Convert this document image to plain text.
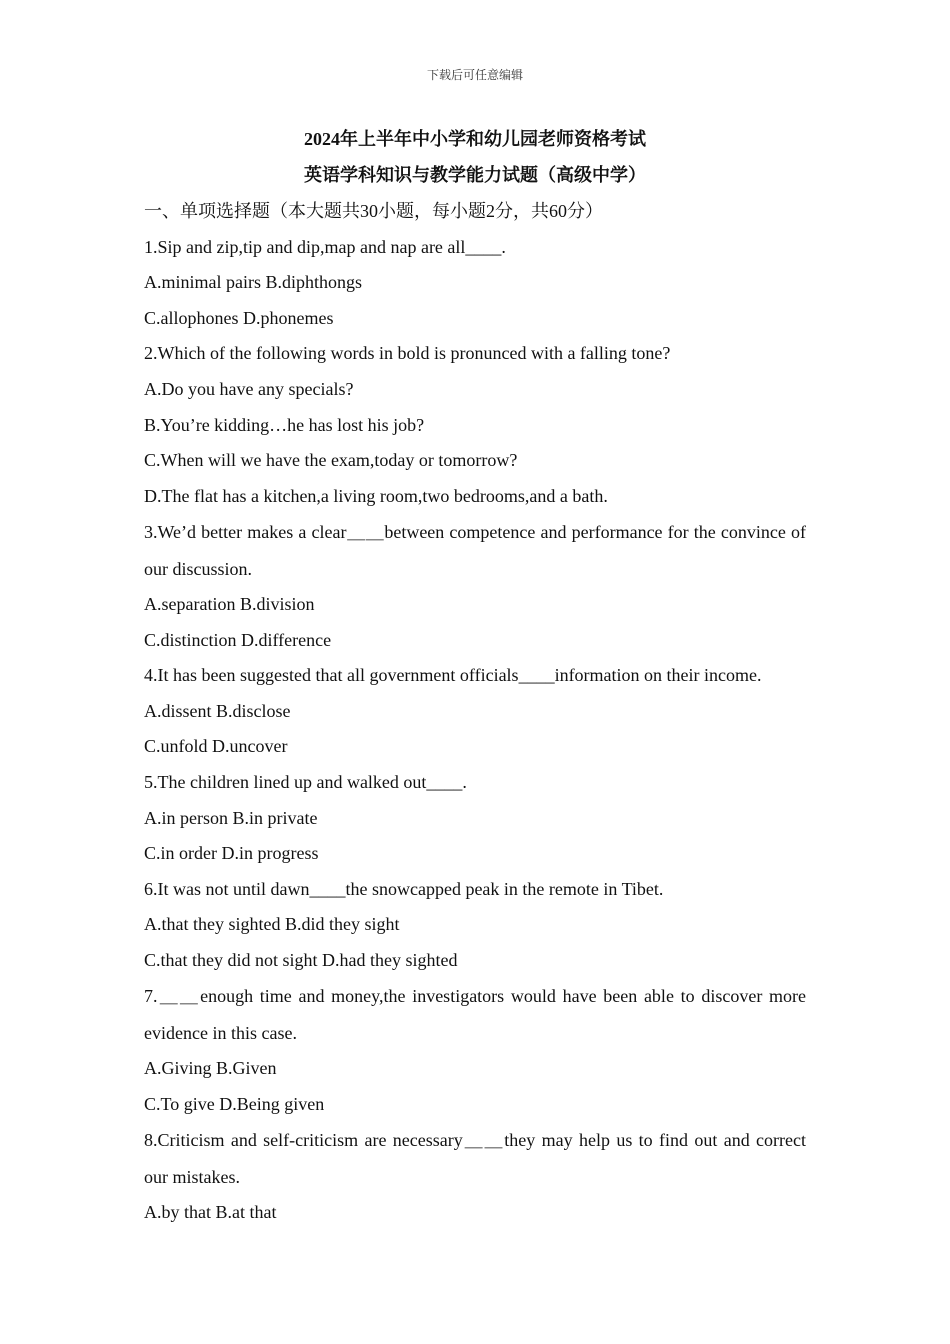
下载后可任意编辑
2024年上半年中小学和幼儿园老师资格考试
英语学科知识与教学能力试题（高级中学）
一、单项选择题（本大题共30小题，每小题2分，共60分）
1.Sip and zip,tip and dip,map and nap are all____.
A.minimal pairs B.diphthongs
C.allophones D.phonemes
2.Which of the following words in bold is pronunced with a falling tone?
A.Do you have any specials?
B.You’re kidding…he has lost his job?
C.When will we have the exam,today or tomorrow?
D.The flat has a kitchen,a living room,two bedrooms,and a bath.
3.We’d better makes a clear＿＿between competence and performance for the convince of our discussion.
A.separation B.division
C.distinction D.difference
4.It has been suggested that all government officials____information on their income.
A.dissent B.disclose
C.unfold D.uncover
5.The children lined up and walked out____.
A.in person B.in private
C.in order D.in progress
6.It was not until dawn____the snowcapped peak in the remote in Tibet.
A.that they sighted B.did they sight
C.that they did not sight D.had they sighted
7.＿＿enough time and money,the investigators would have been able to discover more evidence in this case.
A.Giving B.Given
C.To give D.Being given
8.Criticism and self-criticism are necessary＿＿they may help us to find out and correct our mistakes.
A.by that B.at that
